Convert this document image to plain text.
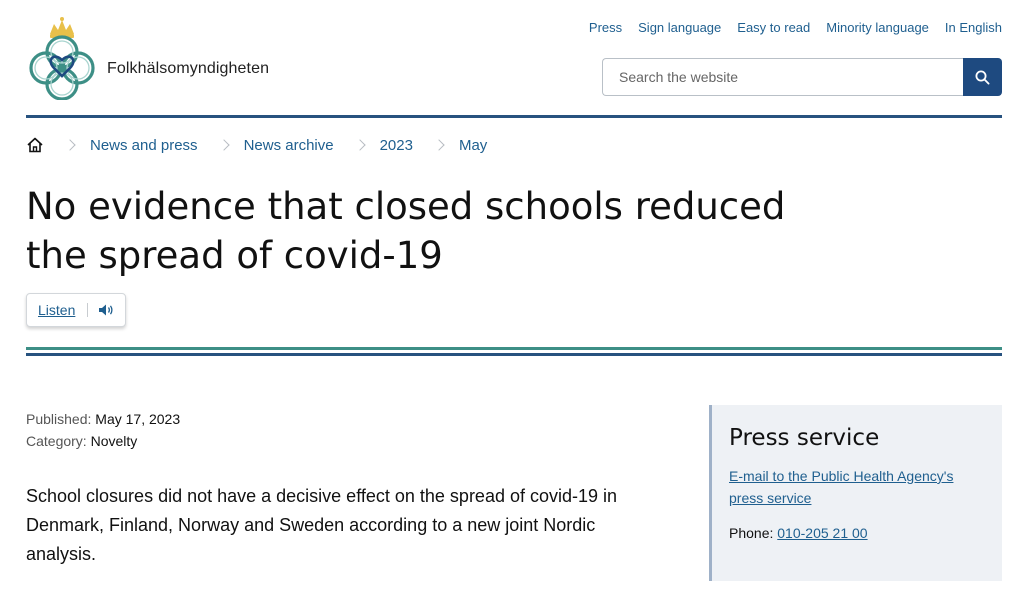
Folkhälsomyndigheten
Press Sign language Easy to read Minority language In English
Search the website
News and press	News archive	2023	May
No evidence that closed schools reduced the spread of covid-19
Listen
Published: May 17, 2023
Category: Novelty

School closures did not have a decisive effect on the spread of covid-19 in Denmark, Finland, Norway and Sweden according to a new joint Nordic analysis.

Press service
E-mail to the Public Health Agency's press service
Phone: 010-205 21 00
